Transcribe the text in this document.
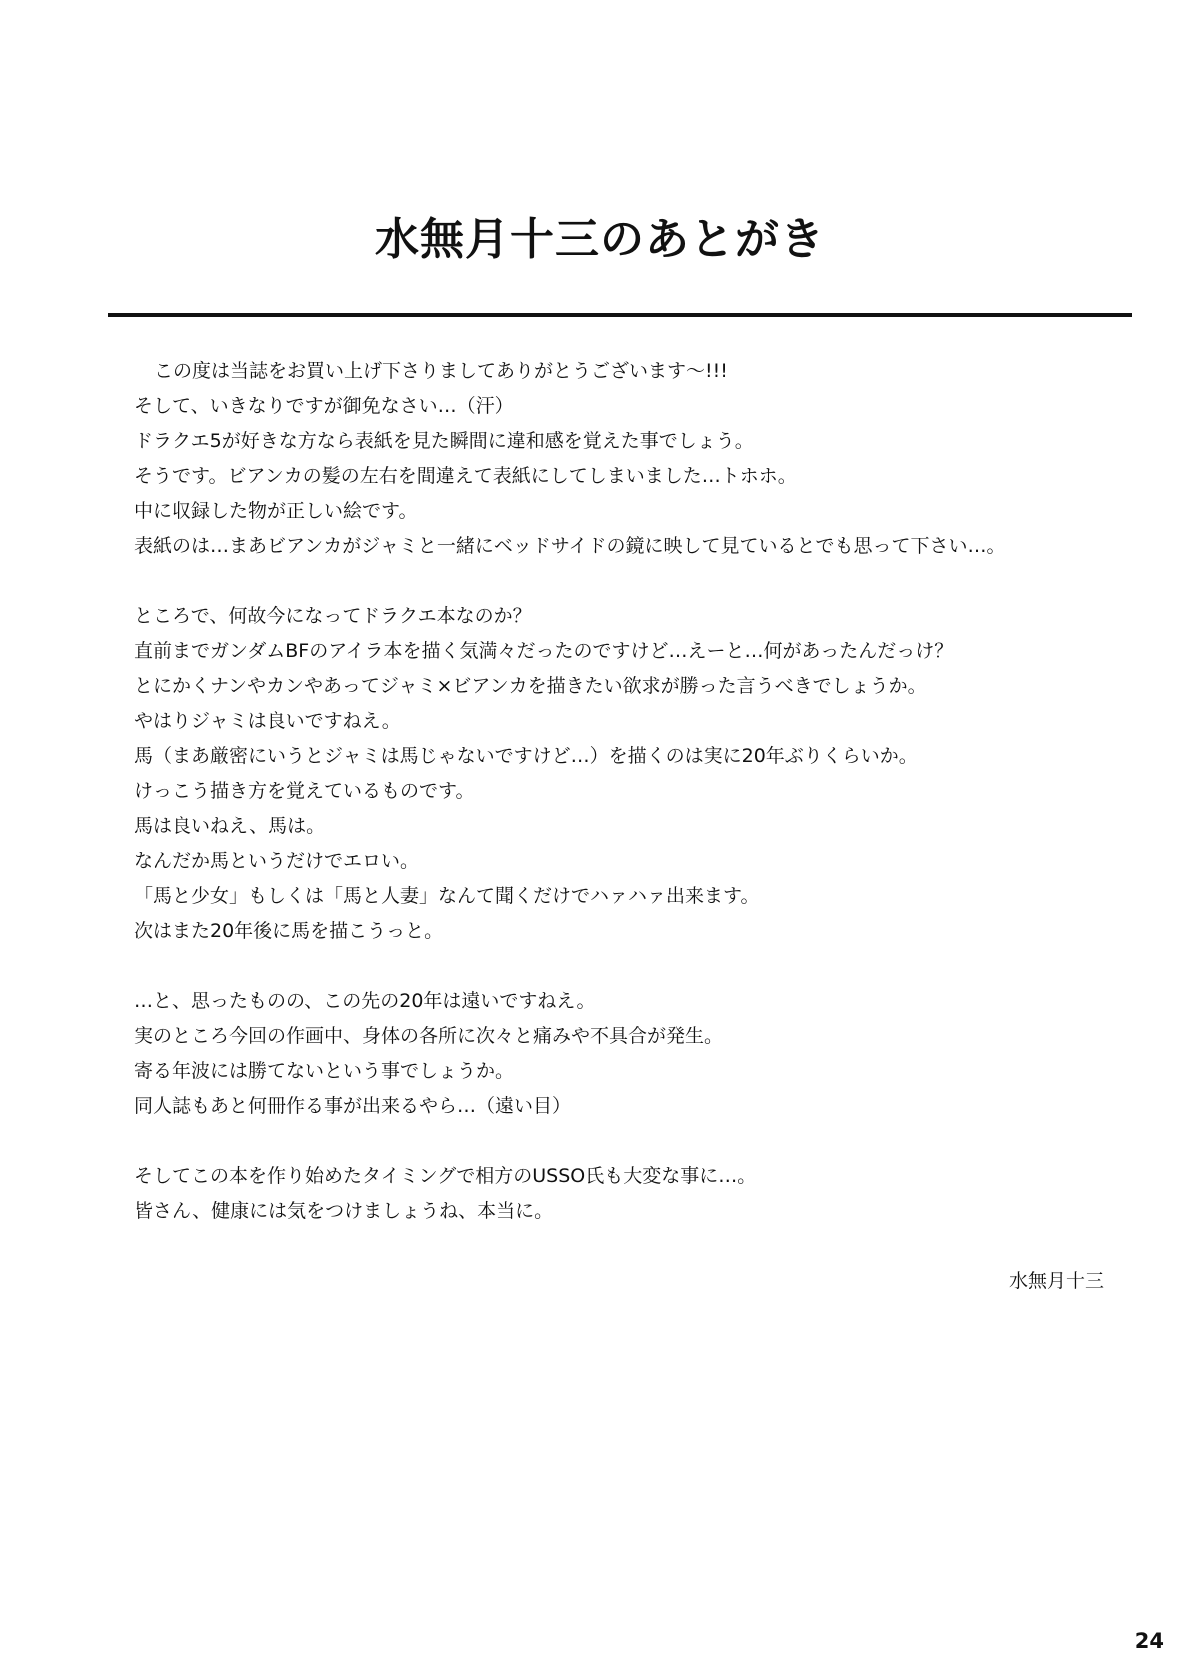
水無月十三のあとがき
この度は当誌をお買い上げ下さりましてありがとうございます〜!!!
そして、いきなりですが御免なさい…（汗）
ドラクエ5が好きな方なら表紙を見た瞬間に違和感を覚えた事でしょう。
そうです。ビアンカの髪の左右を間違えて表紙にしてしまいました…トホホ。
中に収録した物が正しい絵です。
表紙のは…まあビアンカがジャミと一緒にベッドサイドの鏡に映して見ているとでも思って下さい…。
ところで、何故今になってドラクエ本なのか？
直前までガンダムBFのアイラ本を描く気満々だったのですけど…えーと…何があったんだっけ？
とにかくナンやカンやあってジャミ×ビアンカを描きたい欲求が勝った言うべきでしょうか。
やはりジャミは良いですねえ。
馬（まあ厳密にいうとジャミは馬じゃないですけど…）を描くのは実に20年ぶりくらいか。
けっこう描き方を覚えているものです。
馬は良いねえ、馬は。
なんだか馬というだけでエロい。
「馬と少女」もしくは「馬と人妻」なんて聞くだけでハァハァ出来ます。
次はまた20年後に馬を描こうっと。
…と、思ったものの、この先の20年は遠いですねえ。
実のところ今回の作画中、身体の各所に次々と痛みや不具合が発生。
寄る年波には勝てないという事でしょうか。
同人誌もあと何冊作る事が出来るやら…（遠い目）
そしてこの本を作り始めたタイミングで相方のUSSO氏も大変な事に…。
皆さん、健康には気をつけましょうね、本当に。
水無月十三
24
